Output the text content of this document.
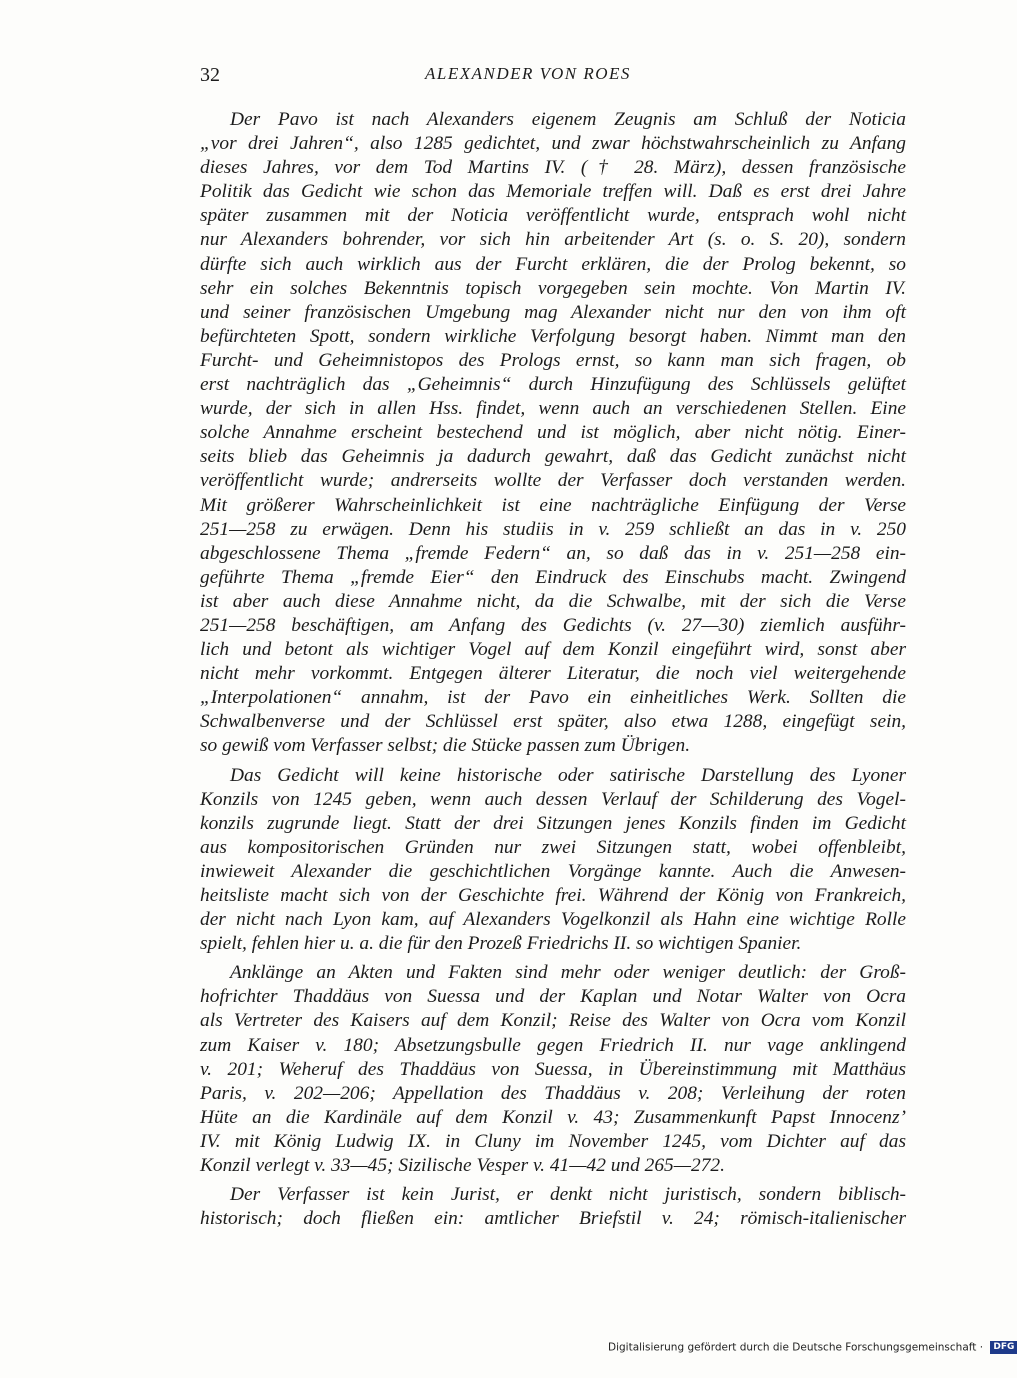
32	ALEXANDER VON ROES
Der Pavo ist nach Alexanders eigenem Zeugnis am Schluß der Noticia
„vor drei Jahren“, also 1285 gedichtet, und zwar höchstwahrscheinlich zu Anfang
dieses Jahres, vor dem Tod Martins IV. († 28. März), dessen französische
Politik das Gedicht wie schon das Memoriale treffen will. Daß es erst drei Jahre
später zusammen mit der Noticia veröffentlicht wurde, entsprach wohl nicht
nur Alexanders bohrender, vor sich hin arbeitender Art (s. o. S. 20), sondern
dürfte sich auch wirklich aus der Furcht erklären, die der Prolog bekennt, so
sehr ein solches Bekenntnis topisch vorgegeben sein mochte. Von Martin IV.
und seiner französischen Umgebung mag Alexander nicht nur den von ihm oft
befürchteten Spott, sondern wirkliche Verfolgung besorgt haben. Nimmt man den
Furcht- und Geheimnistopos des Prologs ernst, so kann man sich fragen, ob
erst nachträglich das „Geheimnis“ durch Hinzufügung des Schlüssels gelüftet
wurde, der sich in allen Hss. findet, wenn auch an verschiedenen Stellen. Eine
solche Annahme erscheint bestechend und ist möglich, aber nicht nötig. Einer-
seits blieb das Geheimnis ja dadurch gewahrt, daß das Gedicht zunächst nicht
veröffentlicht wurde; andrerseits wollte der Verfasser doch verstanden werden.
Mit größerer Wahrscheinlichkeit ist eine nachträgliche Einfügung der Verse
251—258 zu erwägen. Denn his studiis in v. 259 schließt an das in v. 250
abgeschlossene Thema „fremde Federn“ an, so daß das in v. 251—258 ein-
geführte Thema „fremde Eier“ den Eindruck des Einschubs macht. Zwingend
ist aber auch diese Annahme nicht, da die Schwalbe, mit der sich die Verse
251—258 beschäftigen, am Anfang des Gedichts (v. 27—30) ziemlich ausführ-
lich und betont als wichtiger Vogel auf dem Konzil eingeführt wird, sonst aber
nicht mehr vorkommt. Entgegen älterer Literatur, die noch viel weitergehende
„Interpolationen“ annahm, ist der Pavo ein einheitliches Werk. Sollten die
Schwalbenverse und der Schlüssel erst später, also etwa 1288, eingefügt sein,
so gewiß vom Verfasser selbst; die Stücke passen zum Übrigen.
Das Gedicht will keine historische oder satirische Darstellung des Lyoner
Konzils von 1245 geben, wenn auch dessen Verlauf der Schilderung des Vogel-
konzils zugrunde liegt. Statt der drei Sitzungen jenes Konzils finden im Gedicht
aus kompositorischen Gründen nur zwei Sitzungen statt, wobei offenbleibt,
inwieweit Alexander die geschichtlichen Vorgänge kannte. Auch die Anwesen-
heitsliste macht sich von der Geschichte frei. Während der König von Frankreich,
der nicht nach Lyon kam, auf Alexanders Vogelkonzil als Hahn eine wichtige Rolle
spielt, fehlen hier u. a. die für den Prozeß Friedrichs II. so wichtigen Spanier.
Anklänge an Akten und Fakten sind mehr oder weniger deutlich: der Groß-
hofrichter Thaddäus von Suessa und der Kaplan und Notar Walter von Ocra
als Vertreter des Kaisers auf dem Konzil; Reise des Walter von Ocra vom Konzil
zum Kaiser v. 180; Absetzungsbulle gegen Friedrich II. nur vage anklingend
v. 201; Weheruf des Thaddäus von Suessa, in Übereinstimmung mit Matthäus
Paris, v. 202—206; Appellation des Thaddäus v. 208; Verleihung der roten
Hüte an die Kardinäle auf dem Konzil v. 43; Zusammenkunft Papst Innocenz’
IV. mit König Ludwig IX. in Cluny im November 1245, vom Dichter auf das
Konzil verlegt v. 33—45; Sizilische Vesper v. 41—42 und 265—272.
Der Verfasser ist kein Jurist, er denkt nicht juristisch, sondern biblisch-
historisch; doch fließen ein: amtlicher Briefstil v. 24; römisch-italienischer
Digitalisierung gefördert durch die Deutsche Forschungsgemeinschaft · DFG
